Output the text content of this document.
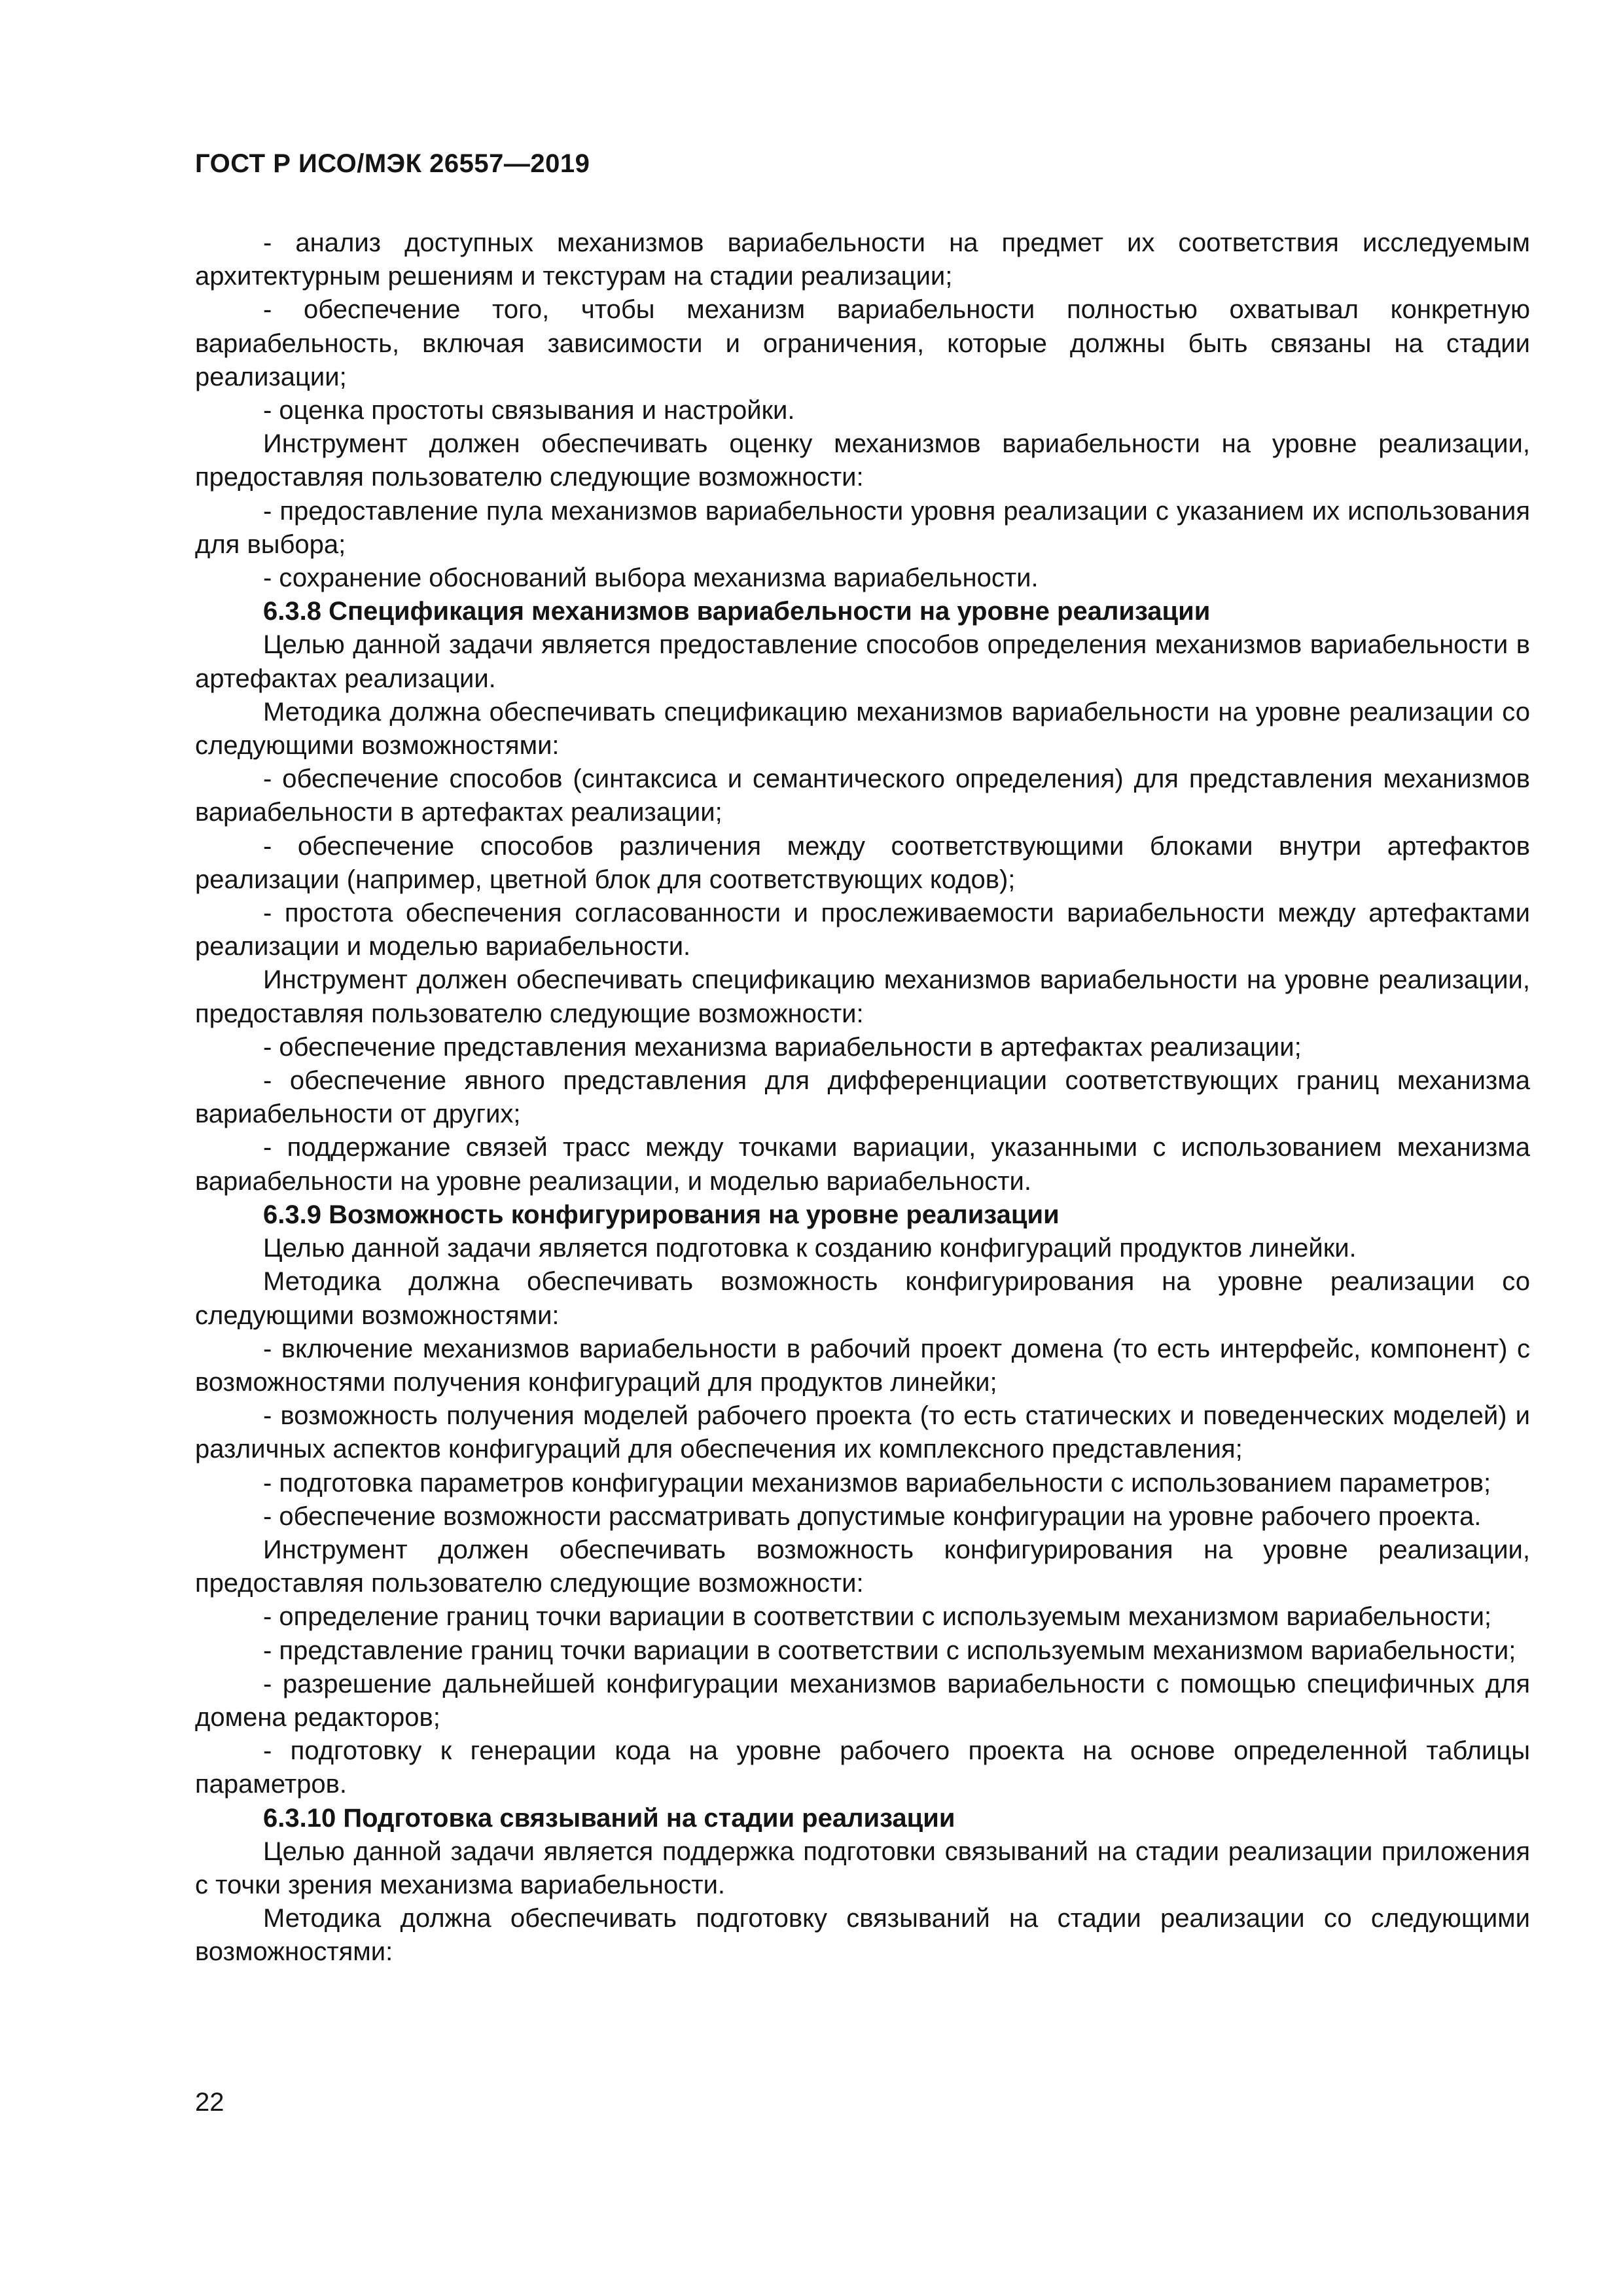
ГОСТ Р ИСО/МЭК 26557—2019

- анализ доступных механизмов вариабельности на предмет их соответствия исследуемым архитектурным решениям и текстурам на стадии реализации;

- обеспечение того, чтобы механизм вариабельности полностью охватывал конкретную вариабельность, включая зависимости и ограничения, которые должны быть связаны на стадии реализации;

- оценка простоты связывания и настройки.

Инструмент должен обеспечивать оценку механизмов вариабельности на уровне реализации, предоставляя пользователю следующие возможности:

- предоставление пула механизмов вариабельности уровня реализации с указанием их использования для выбора;

- сохранение обоснований выбора механизма вариабельности.

6.3.8 Спецификация механизмов вариабельности на уровне реализации

Целью данной задачи является предоставление способов определения механизмов вариабельности в артефактах реализации.

Методика должна обеспечивать спецификацию механизмов вариабельности на уровне реализации со следующими возможностями:

- обеспечение способов (синтаксиса и семантического определения) для представления механизмов вариабельности в артефактах реализации;

- обеспечение способов различения между соответствующими блоками внутри артефактов реализации (например, цветной блок для соответствующих кодов);

- простота обеспечения согласованности и прослеживаемости вариабельности между артефактами реализации и моделью вариабельности.

Инструмент должен обеспечивать спецификацию механизмов вариабельности на уровне реализации, предоставляя пользователю следующие возможности:

- обеспечение представления механизма вариабельности в артефактах реализации;

- обеспечение явного представления для дифференциации соответствующих границ механизма вариабельности от других;

- поддержание связей трасс между точками вариации, указанными с использованием механизма вариабельности на уровне реализации, и моделью вариабельности.

6.3.9 Возможность конфигурирования на уровне реализации

Целью данной задачи является подготовка к созданию конфигураций продуктов линейки.

Методика должна обеспечивать возможность конфигурирования на уровне реализации со следующими возможностями:

- включение механизмов вариабельности в рабочий проект домена (то есть интерфейс, компонент) с возможностями получения конфигураций для продуктов линейки;

- возможность получения моделей рабочего проекта (то есть статических и поведенческих моделей) и различных аспектов конфигураций для обеспечения их комплексного представления;

- подготовка параметров конфигурации механизмов вариабельности с использованием параметров;

- обеспечение возможности рассматривать допустимые конфигурации на уровне рабочего проекта.

Инструмент должен обеспечивать возможность конфигурирования на уровне реализации, предоставляя пользователю следующие возможности:

- определение границ точки вариации в соответствии с используемым механизмом вариабельности;

- представление границ точки вариации в соответствии с используемым механизмом вариабельности;

- разрешение дальнейшей конфигурации механизмов вариабельности с помощью специфичных для домена редакторов;

- подготовку к генерации кода на уровне рабочего проекта на основе определенной таблицы параметров.

6.3.10 Подготовка связываний на стадии реализации

Целью данной задачи является поддержка подготовки связываний на стадии реализации приложения с точки зрения механизма вариабельности.

Методика должна обеспечивать подготовку связываний на стадии реализации со следующими возможностями:

22
